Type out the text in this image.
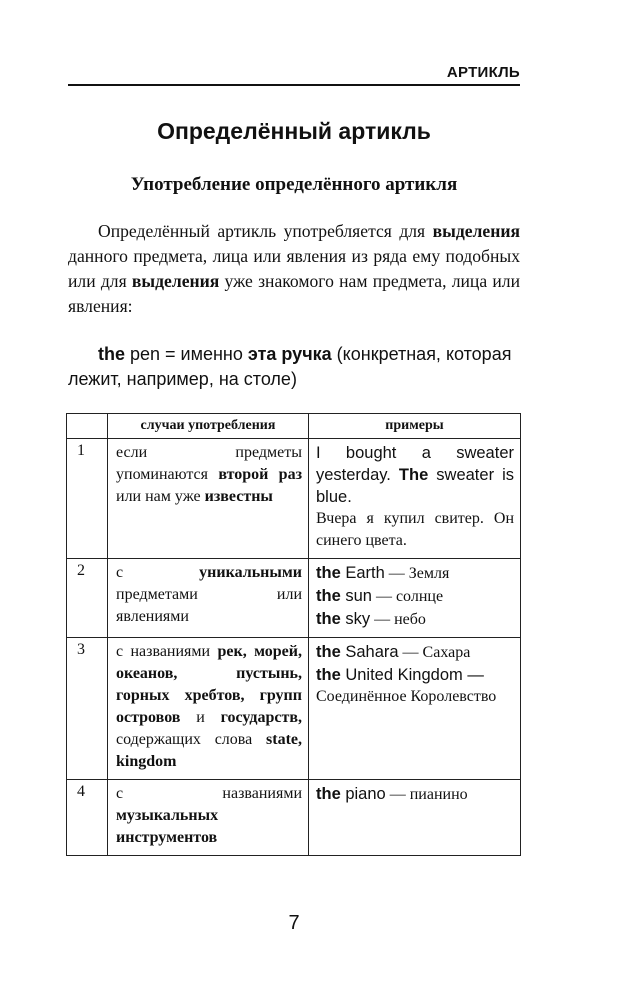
АРТИКЛЬ
Определённый артикль
Употребление определённого артикля

Определённый артикль употребляется для выделения данного предмета, лица или явления из ряда ему подобных или для выделения уже знакомого нам предмета, лица или явления:

the pen = именно эта ручка (конкретная, которая лежит, например, на столе)

	случаи употребления	примеры
1	если предметы упоминаются второй раз или нам уже известны	I bought a sweater yesterday. The sweater is blue.
Вчера я купил свитер. Он синего цвета.

2	с уникальными предметами или явлениями	the Earth — Земля
the sun — солнце
the sky — небо

3	с названиями рек, морей, океанов, пустынь, горных хребтов, групп островов и государств, содержащих слова state, kingdom	the Sahara — Сахара
the United Kingdom —
Соединённое Королевство

4	с названиями музыкальных инструментов	the piano — пианино
7
